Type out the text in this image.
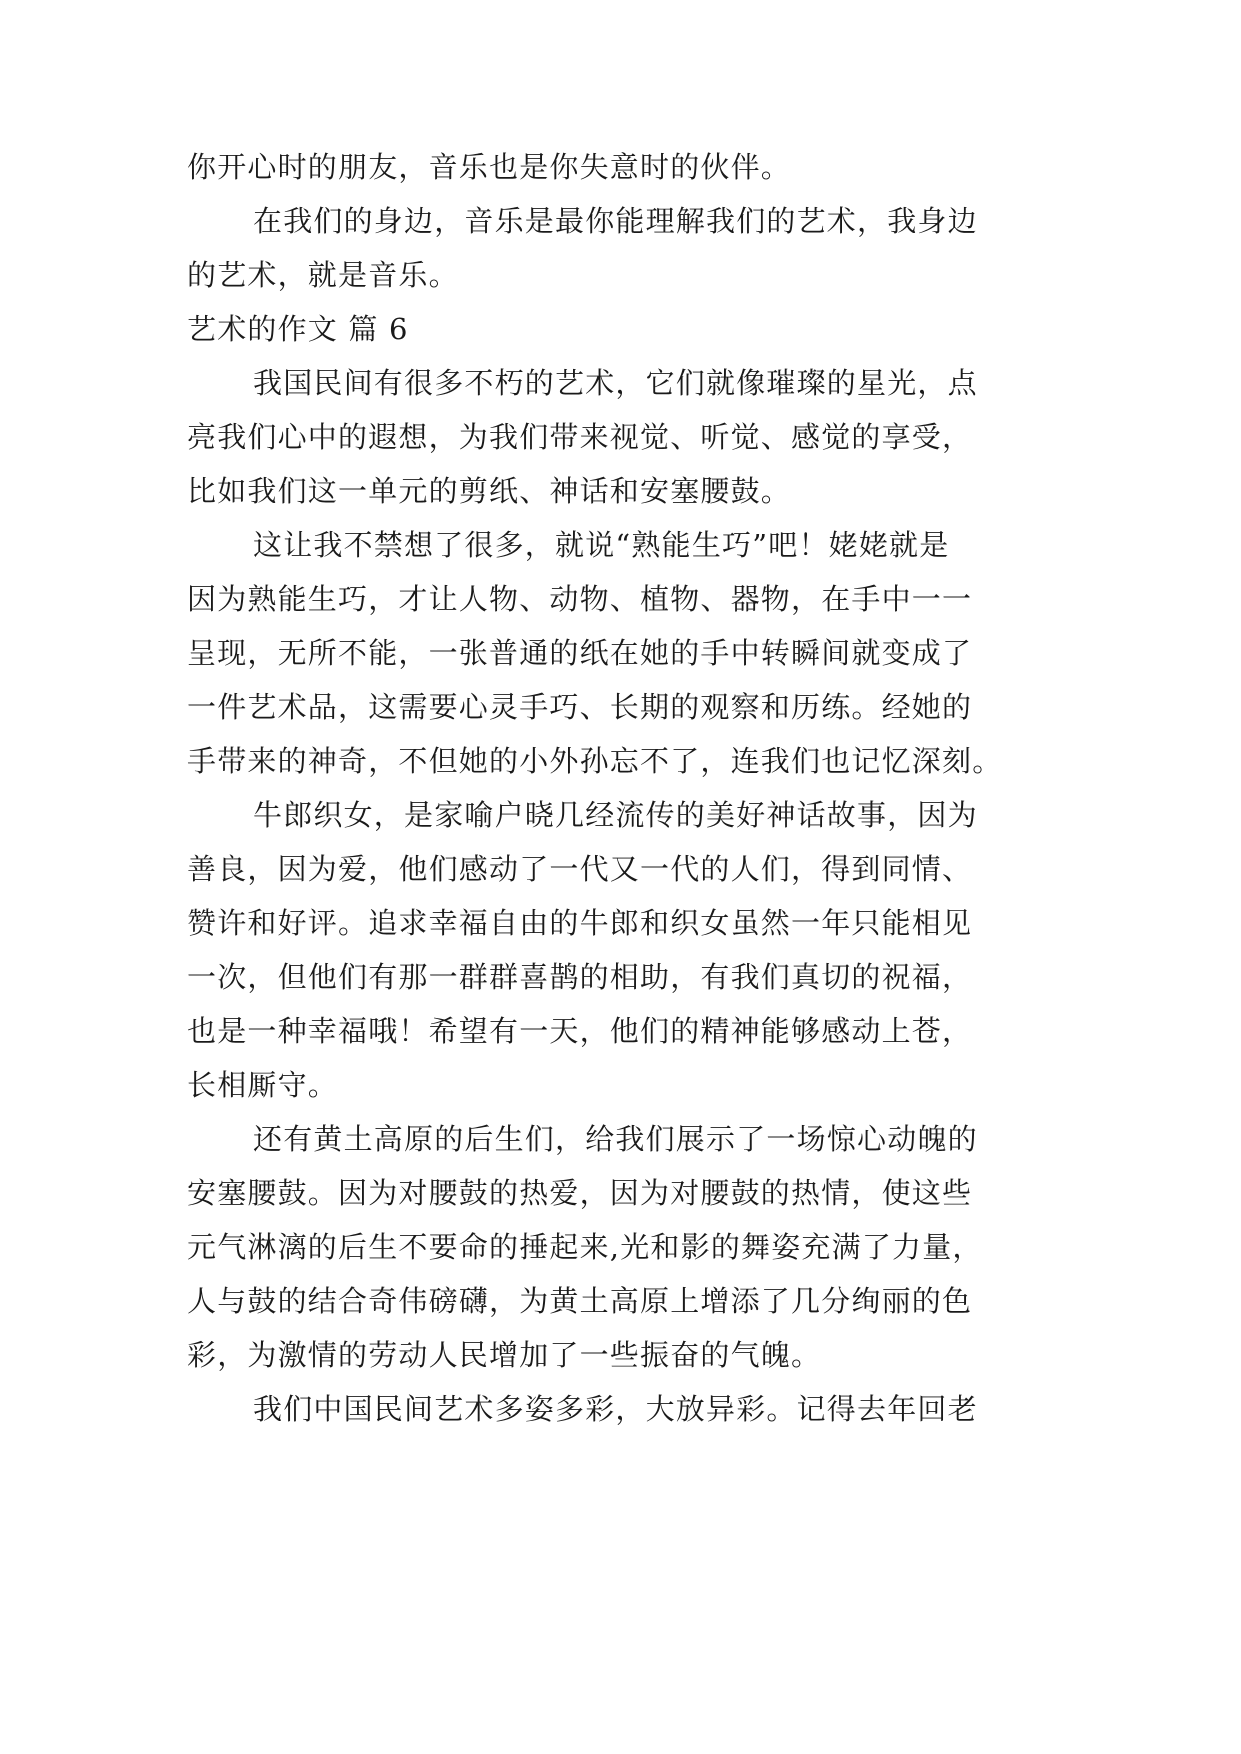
你开心时的朋友，音乐也是你失意时的伙伴。
在我们的身边，音乐是最你能理解我们的艺术，我身边
的艺术，就是音乐。
艺术的作文 篇 6
我国民间有很多不朽的艺术，它们就像璀璨的星光，点
亮我们心中的遐想，为我们带来视觉、听觉、感觉的享受，
比如我们这一单元的剪纸、神话和安塞腰鼓。
这让我不禁想了很多，就说“熟能生巧”吧！姥姥就是
因为熟能生巧，才让人物、动物、植物、器物，在手中一一
呈现，无所不能，一张普通的纸在她的手中转瞬间就变成了
一件艺术品，这需要心灵手巧、长期的观察和历练。经她的
手带来的神奇，不但她的小外孙忘不了，连我们也记忆深刻。
牛郎织女，是家喻户晓几经流传的美好神话故事，因为
善良，因为爱，他们感动了一代又一代的人们，得到同情、
赞许和好评。追求幸福自由的牛郎和织女虽然一年只能相见
一次，但他们有那一群群喜鹊的相助，有我们真切的祝福，
也是一种幸福哦！希望有一天，他们的精神能够感动上苍，
长相厮守。
还有黄土高原的后生们，给我们展示了一场惊心动魄的
安塞腰鼓。因为对腰鼓的热爱，因为对腰鼓的热情，使这些
元气淋漓的后生不要命的捶起来,光和影的舞姿充满了力量，
人与鼓的结合奇伟磅礴，为黄土高原上增添了几分绚丽的色
彩，为激情的劳动人民增加了一些振奋的气魄。
我们中国民间艺术多姿多彩，大放异彩。记得去年回老
